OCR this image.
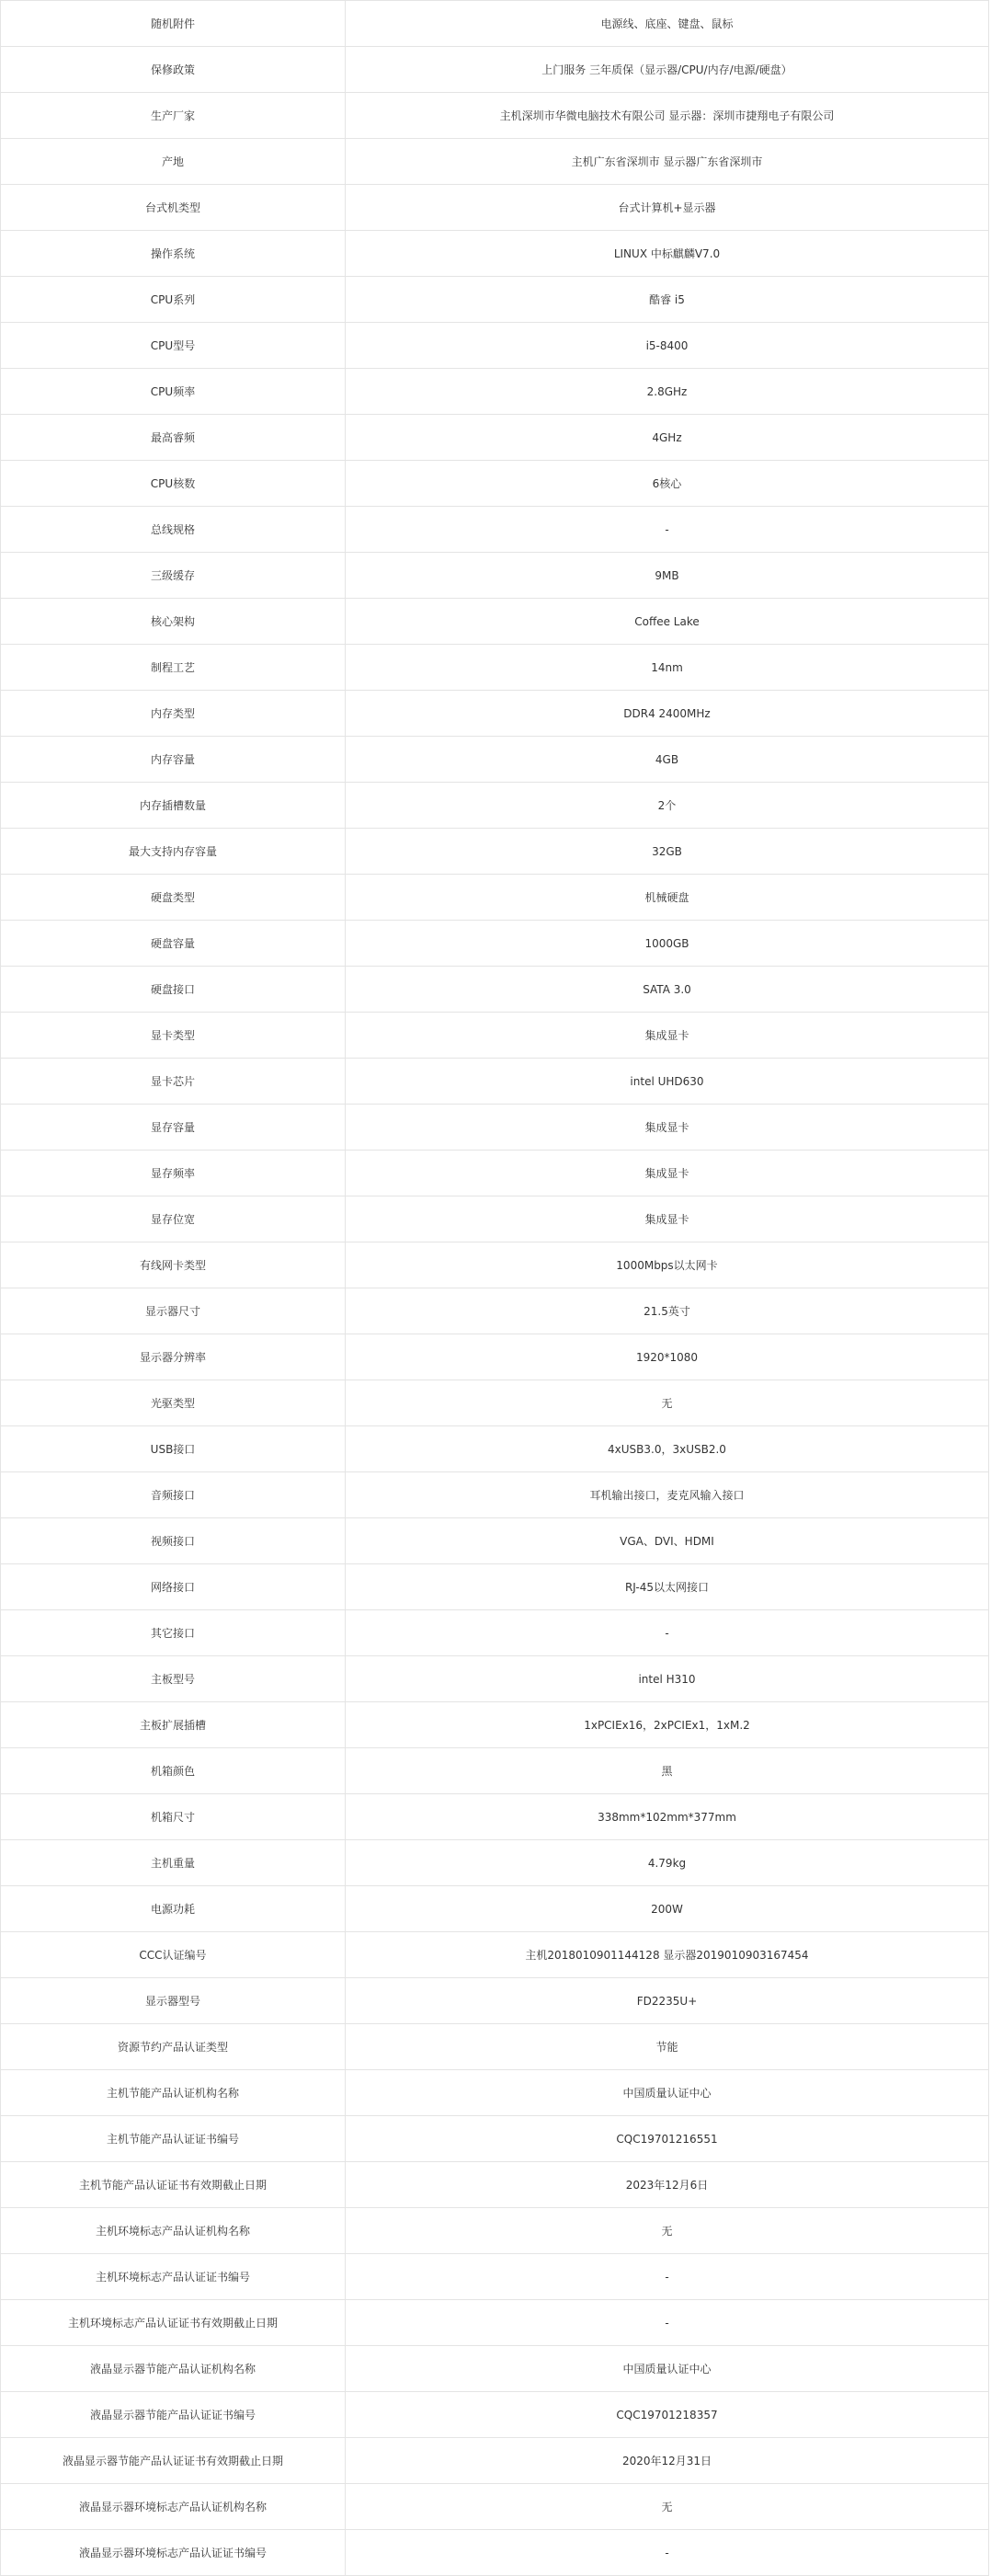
随机附件	电源线、底座、键盘、鼠标
保修政策	上门服务 三年质保（显示器/CPU/内存/电源/硬盘）
生产厂家	主机深圳市华微电脑技术有限公司 显示器：深圳市捷翔电子有限公司
产地	主机广东省深圳市 显示器广东省深圳市
台式机类型	台式计算机+显示器
操作系统	LINUX 中标麒麟V7.0
CPU系列	酷睿 i5
CPU型号	i5-8400
CPU频率	2.8GHz
最高睿频	4GHz
CPU核数	6核心
总线规格	-
三级缓存	9MB
核心架构	Coffee Lake
制程工艺	14nm
内存类型	DDR4 2400MHz
内存容量	4GB
内存插槽数量	2个
最大支持内存容量	32GB
硬盘类型	机械硬盘
硬盘容量	1000GB
硬盘接口	SATA 3.0
显卡类型	集成显卡
显卡芯片	intel UHD630
显存容量	集成显卡
显存频率	集成显卡
显存位宽	集成显卡
有线网卡类型	1000Mbps以太网卡
显示器尺寸	21.5英寸
显示器分辨率	1920*1080
光驱类型	无
USB接口	4xUSB3.0，3xUSB2.0
音频接口	耳机输出接口，麦克风输入接口
视频接口	VGA、DVI、HDMI
网络接口	RJ-45以太网接口
其它接口	-
主板型号	intel H310
主板扩展插槽	1xPCIEx16，2xPCIEx1，1xM.2
机箱颜色	黑
机箱尺寸	338mm*102mm*377mm
主机重量	4.79kg
电源功耗	200W
CCC认证编号	主机2018010901144128 显示器2019010903167454
显示器型号	FD2235U+
资源节约产品认证类型	节能
主机节能产品认证机构名称	中国质量认证中心
主机节能产品认证证书编号	CQC19701216551
主机节能产品认证证书有效期截止日期	2023年12月6日
主机环境标志产品认证机构名称	无
主机环境标志产品认证证书编号	-
主机环境标志产品认证证书有效期截止日期	-
液晶显示器节能产品认证机构名称	中国质量认证中心
液晶显示器节能产品认证证书编号	CQC19701218357
液晶显示器节能产品认证证书有效期截止日期	2020年12月31日
液晶显示器环境标志产品认证机构名称	无
液晶显示器环境标志产品认证证书编号	-
